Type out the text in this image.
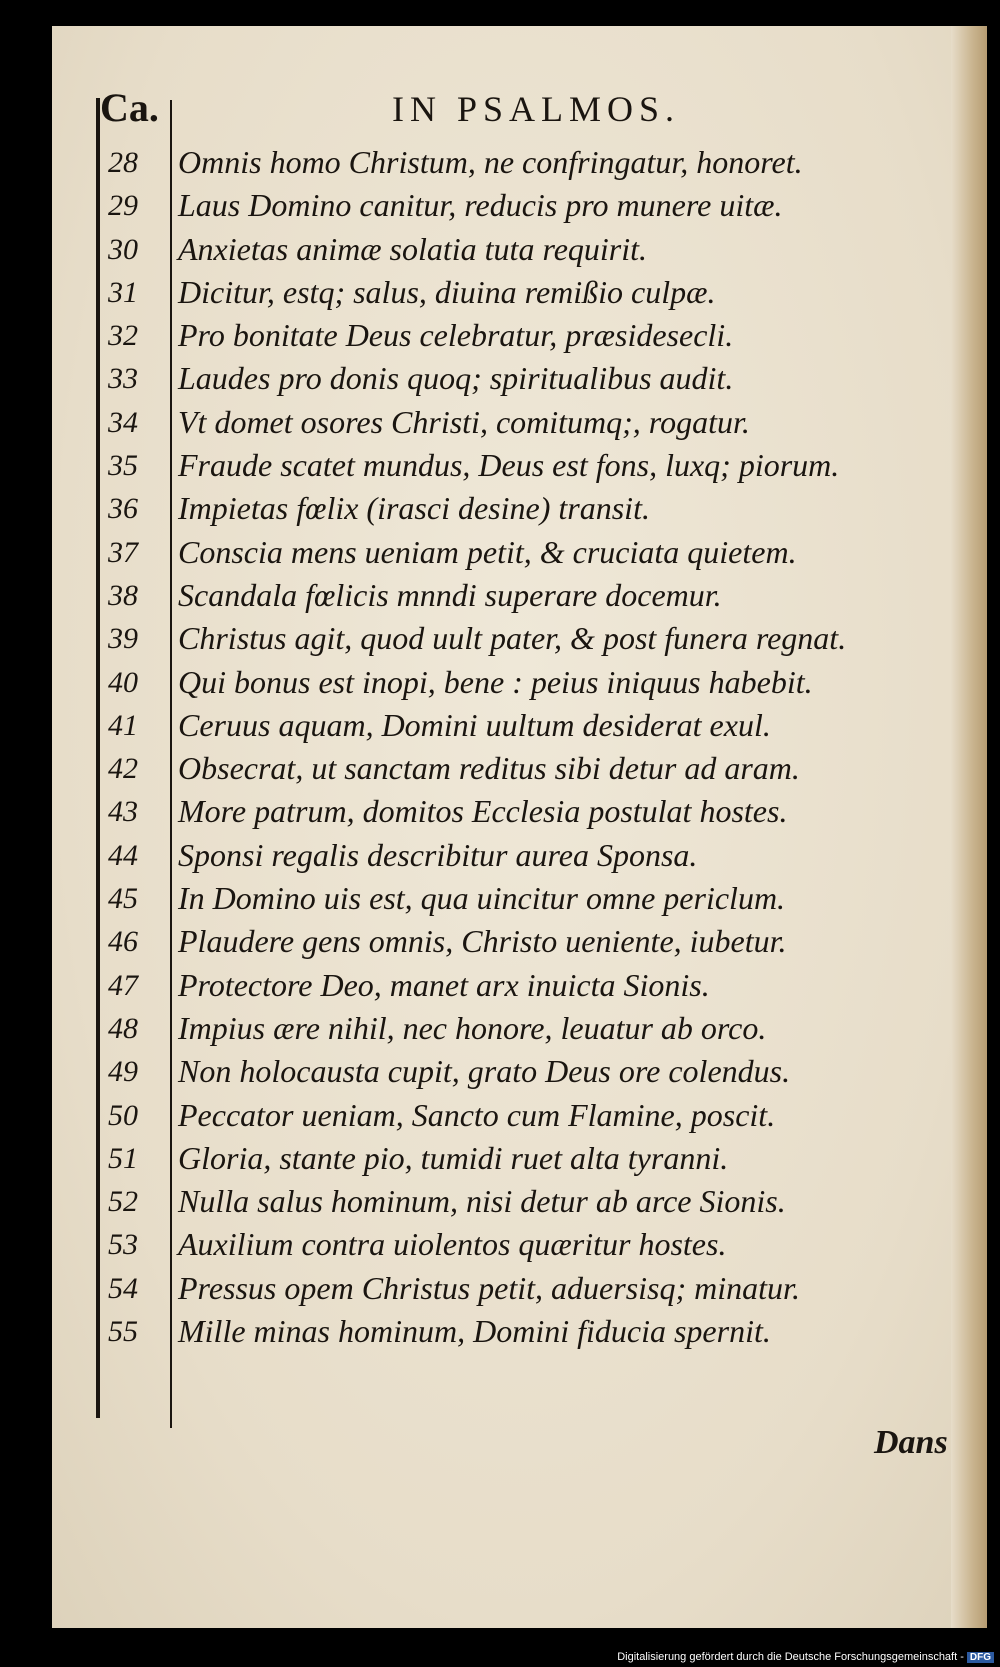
Ca.	IN PSALMOS.
28	Omnis homo Christum, ne confringatur, honoret.
29	Laus Domino canitur, reducis pro munere uitæ.
30	Anxietas animæ solatia tuta requirit.
31	Dicitur, estq; salus, diuina remißio culpæ.
32	Pro bonitate Deus celebratur, præsidesecli.
33	Laudes pro donis quoq; spiritualibus audit.
34	Vt domet osores Christi, comitumq;, rogatur.
35	Fraude scatet mundus, Deus est fons, luxq; piorum.
36	Impietas fœlix (irasci desine) transit.
37	Conscia mens ueniam petit, & cruciata quietem.
38	Scandala fœlicis mnndi superare docemur.
39	Christus agit, quod uult pater, & post funera regnat.
40	Qui bonus est inopi, bene : peius iniquus habebit.
41	Ceruus aquam, Domini uultum desiderat exul.
42	Obsecrat, ut sanctam reditus sibi detur ad aram.
43	More patrum, domitos Ecclesia postulat hostes.
44	Sponsi regalis describitur aurea Sponsa.
45	In Domino uis est, qua uincitur omne periclum.
46	Plaudere gens omnis, Christo ueniente, iubetur.
47	Protectore Deo, manet arx inuicta Sionis.
48	Impius ære nihil, nec honore, leuatur ab orco.
49	Non holocausta cupit, grato Deus ore colendus.
50	Peccator ueniam, Sancto cum Flamine, poscit.
51	Gloria, stante pio, tumidi ruet alta tyranni.
52	Nulla salus hominum, nisi detur ab arce Sionis.
53	Auxilium contra uiolentos quæritur hostes.
54	Pressus opem Christus petit, aduersisq; minatur.
55	Mille minas hominum, Domini fiducia spernit.
Dans
Digitalisierung gefördert durch die Deutsche Forschungsgemeinschaft - DFG
